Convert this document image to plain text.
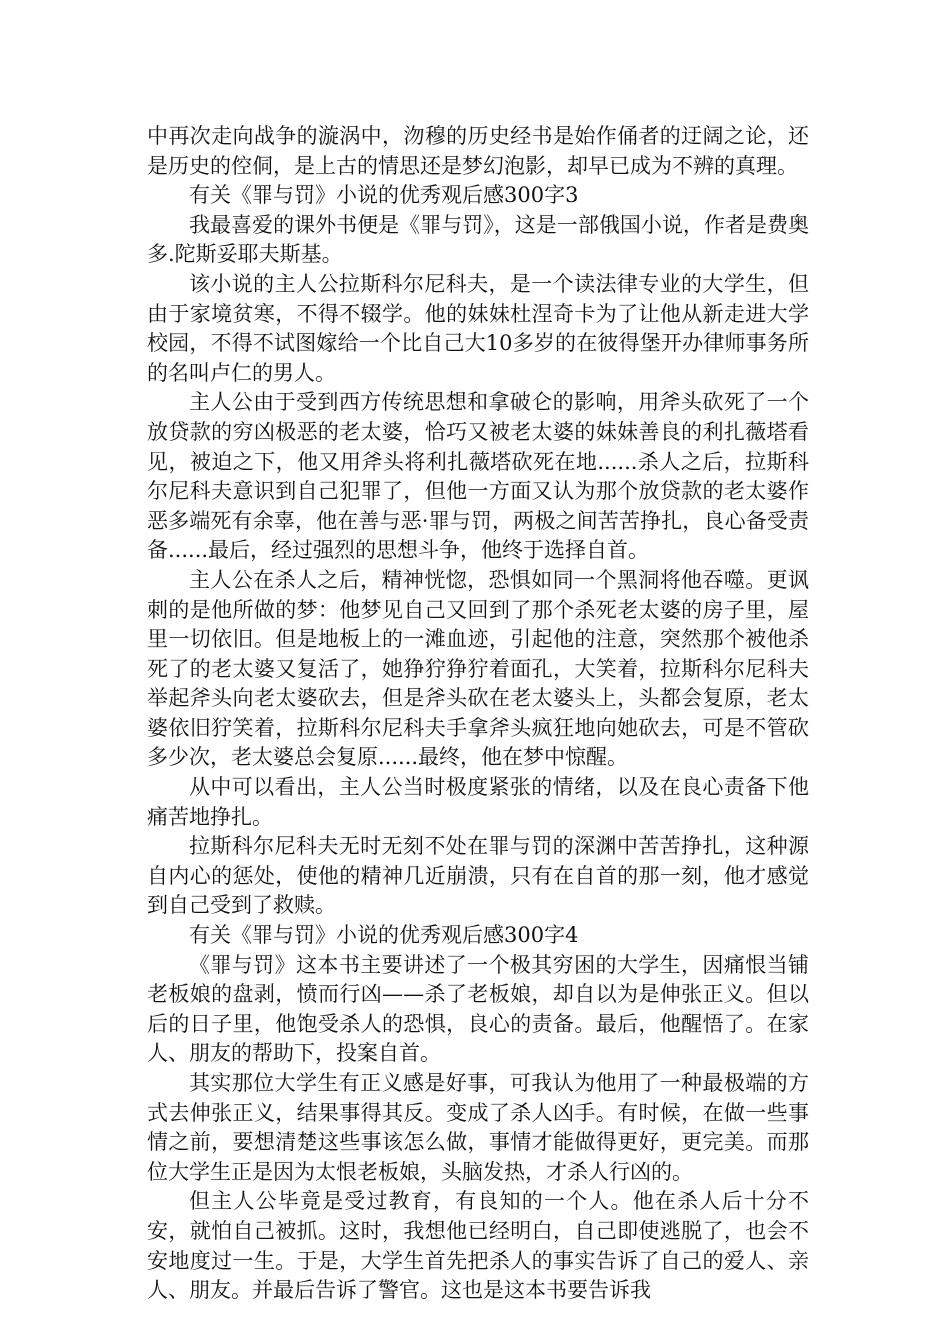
中再次走向战争的漩涡中，沕穆的历史经书是始作俑者的迂阔之论，还是历史的倥侗，是上古的情思还是梦幻泡影，却早已成为不辨的真理。

有关《罪与罚》小说的优秀观后感300字3

我最喜爱的课外书便是《罪与罚》，这是一部俄国小说，作者是费奥多.陀斯妥耶夫斯基。

该小说的主人公拉斯科尔尼科夫，是一个读法律专业的大学生，但由于家境贫寒，不得不辍学。他的妹妹杜涅奇卡为了让他从新走进大学校园，不得不试图嫁给一个比自己大10多岁的在彼得堡开办律师事务所的名叫卢仁的男人。

主人公由于受到西方传统思想和拿破仑的影响，用斧头砍死了一个放贷款的穷凶极恶的老太婆，恰巧又被老太婆的妹妹善良的利扎薇塔看见，被迫之下，他又用斧头将利扎薇塔砍死在地......杀人之后，拉斯科尔尼科夫意识到自己犯罪了，但他一方面又认为那个放贷款的老太婆作恶多端死有余辜，他在善与恶·罪与罚，两极之间苦苦挣扎，良心备受责备......最后，经过强烈的思想斗争，他终于选择自首。

主人公在杀人之后，精神恍惚，恐惧如同一个黑洞将他吞噬。更讽刺的是他所做的梦：他梦见自己又回到了那个杀死老太婆的房子里，屋里一切依旧。但是地板上的一滩血迹，引起他的注意，突然那个被他杀死了的老太婆又复活了，她狰狞狰狞着面孔，大笑着，拉斯科尔尼科夫举起斧头向老太婆砍去，但是斧头砍在老太婆头上，头都会复原，老太婆依旧狞笑着，拉斯科尔尼科夫手拿斧头疯狂地向她砍去，可是不管砍多少次，老太婆总会复原......最终，他在梦中惊醒。

从中可以看出，主人公当时极度紧张的情绪，以及在良心责备下他痛苦地挣扎。

拉斯科尔尼科夫无时无刻不处在罪与罚的深渊中苦苦挣扎，这种源自内心的惩处，使他的精神几近崩溃，只有在自首的那一刻，他才感觉到自己受到了救赎。

有关《罪与罚》小说的优秀观后感300字4

《罪与罚》这本书主要讲述了一个极其穷困的大学生，因痛恨当铺老板娘的盘剥，愤而行凶——杀了老板娘，却自以为是伸张正义。但以后的日子里，他饱受杀人的恐惧，良心的责备。最后，他醒悟了。在家人、朋友的帮助下，投案自首。

其实那位大学生有正义感是好事，可我认为他用了一种最极端的方式去伸张正义，结果事得其反。变成了杀人凶手。有时候，在做一些事情之前，要想清楚这些事该怎么做，事情才能做得更好，更完美。而那位大学生正是因为太恨老板娘，头脑发热，才杀人行凶的。

但主人公毕竟是受过教育，有良知的一个人。他在杀人后十分不安，就怕自己被抓。这时，我想他已经明白，自己即使逃脱了，也会不安地度过一生。于是，大学生首先把杀人的事实告诉了自己的爱人、亲人、朋友。并最后告诉了警官。这也是这本书要告诉我
